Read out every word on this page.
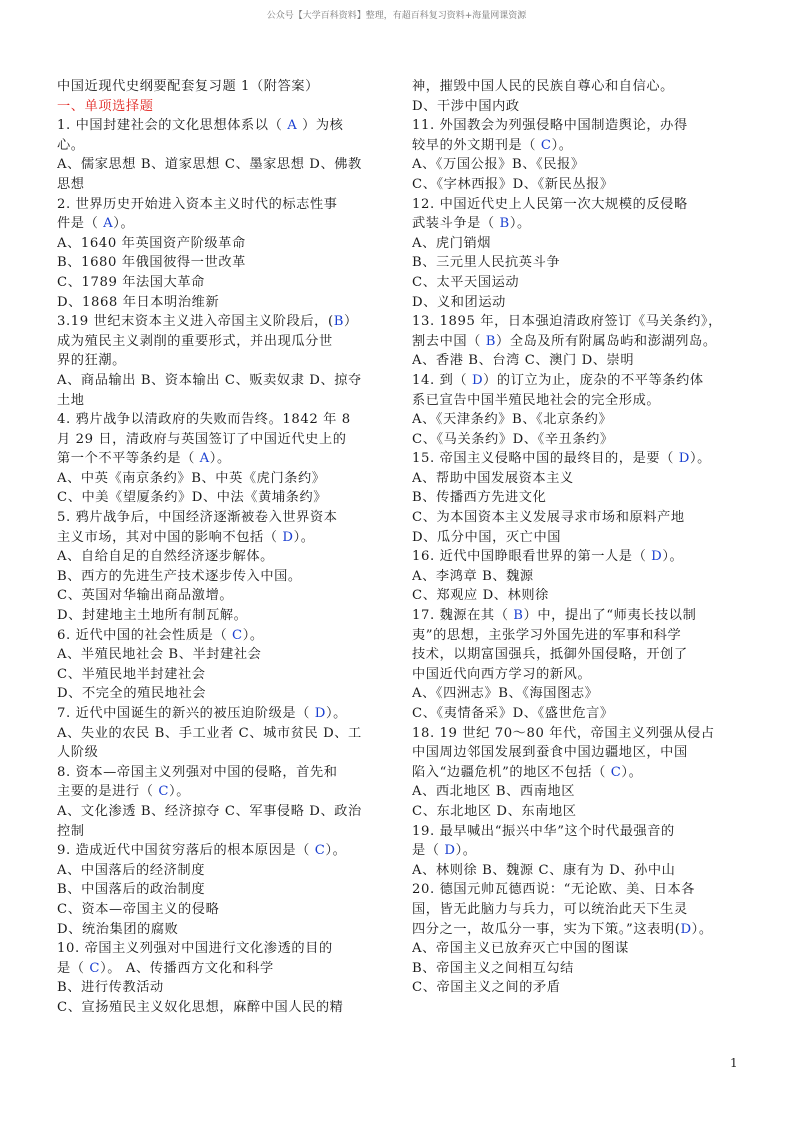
公众号【大学百科资料】整理，有超百科复习资料+海量网课资源
中国近现代史纲要配套复习题 1（附答案）
一、单项选择题
1. 中国封建社会的文化思想体系以（ A ）为核
心。
A、儒家思想 B、道家思想 C、墨家思想 D、佛教
思想
2. 世界历史开始进入资本主义时代的标志性事
件是（ A）。
A、1640 年英国资产阶级革命
B、1680 年俄国彼得一世改革
C、1789 年法国大革命
D、1868 年日本明治维新
3.19 世纪末资本主义进入帝国主义阶段后，(B）
成为殖民主义剥削的重要形式，并出现瓜分世
界的狂潮。
A、商品输出 B、资本输出 C、贩卖奴隶 D、掠夺
土地
4. 鸦片战争以清政府的失败而告终。1842 年 8
月 29 日，清政府与英国签订了中国近代史上的
第一个不平等条约是（ A）。
A、中英《南京条约》B、中英《虎门条约》
C、中美《望厦条约》D、中法《黄埔条约》
5. 鸦片战争后，中国经济逐渐被卷入世界资本
主义市场，其对中国的影响不包括（ D）。
A、自给自足的自然经济逐步解体。
B、西方的先进生产技术逐步传入中国。
C、英国对华输出商品激增。
D、封建地主土地所有制瓦解。
6. 近代中国的社会性质是（ C）。
A、半殖民地社会 B、半封建社会
C、半殖民地半封建社会
D、不完全的殖民地社会
7. 近代中国诞生的新兴的被压迫阶级是（ D）。
A、失业的农民 B、手工业者 C、城市贫民 D、工
人阶级
8. 资本—帝国主义列强对中国的侵略，首先和
主要的是进行（ C）。
A、文化渗透 B、经济掠夺 C、军事侵略 D、政治
控制
9. 造成近代中国贫穷落后的根本原因是（ C）。
A、中国落后的经济制度
B、中国落后的政治制度
C、资本—帝国主义的侵略
D、统治集团的腐败
10. 帝国主义列强对中国进行文化渗透的目的
是（ C）。 A、传播西方文化和科学
B、进行传教活动
C、宣扬殖民主义奴化思想，麻醉中国人民的精
神，摧毁中国人民的民族自尊心和自信心。
D、干涉中国内政
11. 外国教会为列强侵略中国制造舆论，办得
较早的外文期刊是（ C）。
A、《万国公报》B、《民报》
C、《字林西报》D、《新民丛报》
12. 中国近代史上人民第一次大规模的反侵略
武装斗争是（ B）。
A、虎门销烟
B、三元里人民抗英斗争
C、太平天国运动
D、义和团运动
13. 1895 年，日本强迫清政府签订《马关条约》，
割去中国（ B）全岛及所有附属岛屿和澎湖列岛。
A、香港 B、台湾 C、澳门 D、崇明
14. 到（ D）的订立为止，庞杂的不平等条约体
系已宣告中国半殖民地社会的完全形成。
A、《天津条约》B、《北京条约》
C、《马关条约》D、《辛丑条约》
15. 帝国主义侵略中国的最终目的，是要（ D）。
A、帮助中国发展资本主义
B、传播西方先进文化
C、为本国资本主义发展寻求市场和原料产地
D、瓜分中国，灭亡中国
16. 近代中国睁眼看世界的第一人是（ D）。
A、李鸿章 B、魏源
C、郑观应 D、林则徐
17. 魏源在其（ B）中，提出了“师夷长技以制
夷”的思想，主张学习外国先进的军事和科学
技术，以期富国强兵，抵御外国侵略，开创了
中国近代向西方学习的新风。
A、《四洲志》B、《海国图志》
C、《夷情备采》D、《盛世危言》
18. 19 世纪 70～80 年代，帝国主义列强从侵占
中国周边邻国发展到蚕食中国边疆地区，中国
陷入“边疆危机”的地区不包括（ C）。
A、西北地区 B、西南地区
C、东北地区 D、东南地区
19. 最早喊出“振兴中华”这个时代最强音的
是（ D）。
A、林则徐 B、魏源 C、康有为 D、孙中山
20. 德国元帅瓦德西说：“无论欧、美、日本各
国，皆无此脑力与兵力，可以统治此天下生灵
四分之一，故瓜分一事，实为下策。”这表明(D）。
A、帝国主义已放弃灭亡中国的图谋
B、帝国主义之间相互勾结
C、帝国主义之间的矛盾
1
